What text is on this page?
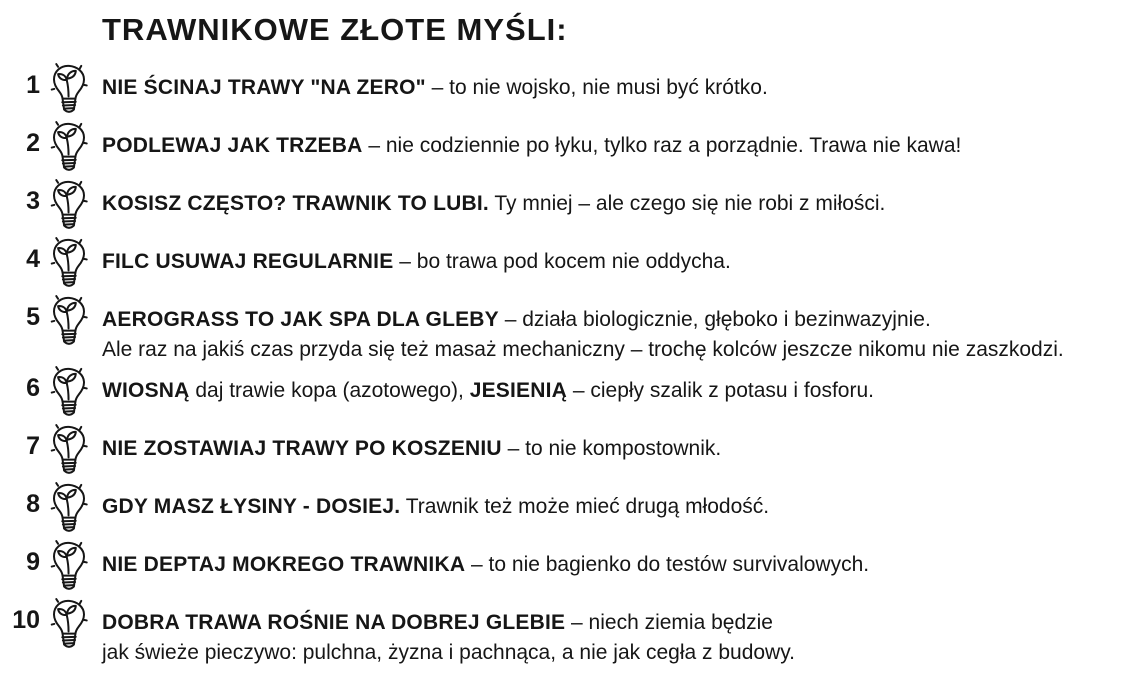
TRAWNIKOWE ZŁOTE MYŚLI:
1	NIE ŚCINAJ TRAWY "NA ZERO" – to nie wojsko, nie musi być krótko.
2	PODLEWAJ JAK TRZEBA – nie codziennie po łyku, tylko raz a porządnie. Trawa nie kawa!
3	KOSISZ CZĘSTO? TRAWNIK TO LUBI. Ty mniej – ale czego się nie robi z miłości.
4	FILC USUWAJ REGULARNIE – bo trawa pod kocem nie oddycha.
5	AEROGRASS TO JAK SPA DLA GLEBY – działa biologicznie, głęboko i bezinwazyjnie.
Ale raz na jakiś czas przyda się też masaż mechaniczny – trochę kolców jeszcze nikomu nie zaszkodzi.
6	WIOSNĄ daj trawie kopa (azotowego), JESIENIĄ – ciepły szalik z potasu i fosforu.
7	NIE ZOSTAWIAJ TRAWY PO KOSZENIU – to nie kompostownik.
8	GDY MASZ ŁYSINY - DOSIEJ. Trawnik też może mieć drugą młodość.
9	NIE DEPTAJ MOKREGO TRAWNIKA – to nie bagienko do testów survivalowych.
10	DOBRA TRAWA ROŚNIE NA DOBREJ GLEBIE – niech ziemia będzie
jak świeże pieczywo: pulchna, żyzna i pachnąca, a nie jak cegła z budowy.
